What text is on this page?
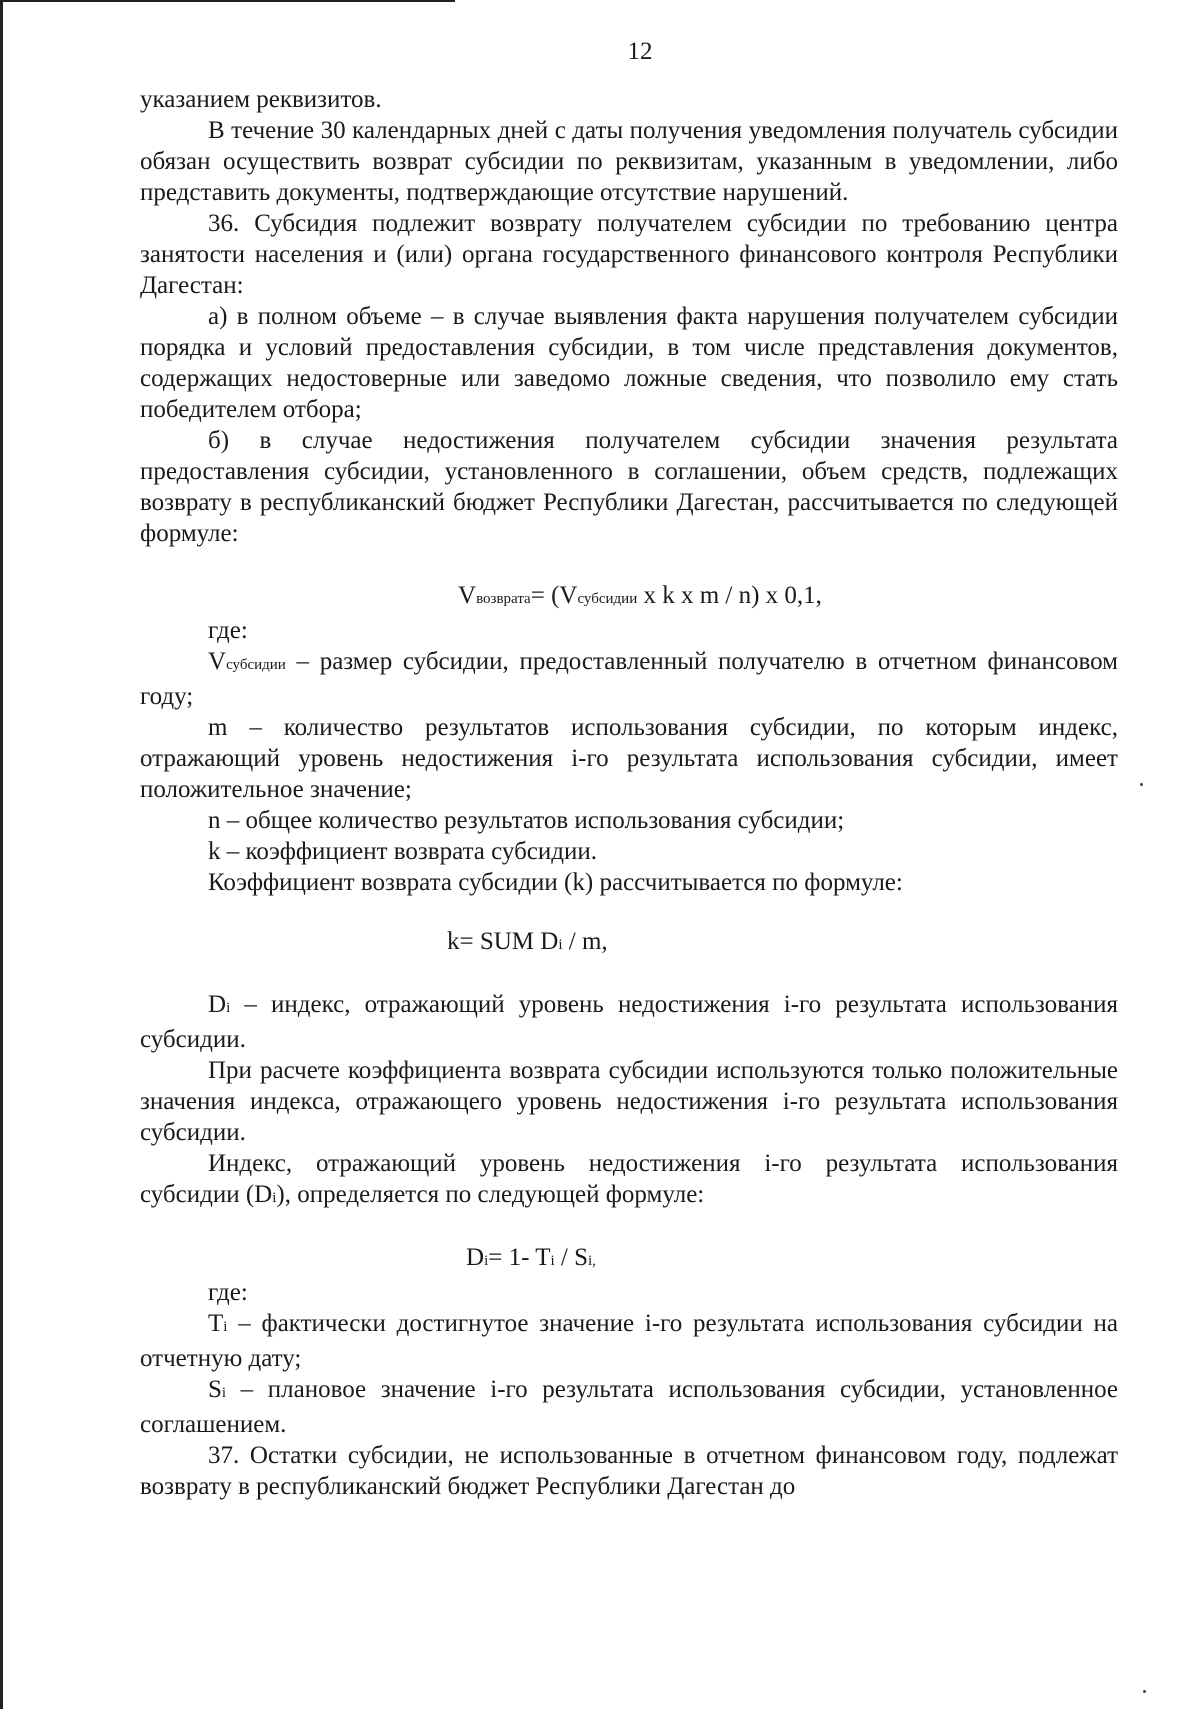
12

указанием реквизитов.

В течение 30 календарных дней с даты получения уведомления получатель субсидии обязан осуществить возврат субсидии по реквизитам, указанным в уведомлении, либо представить документы, подтверждающие отсутствие нарушений.

36. Субсидия подлежит возврату получателем субсидии по требованию центра занятости населения и (или) органа государственного финансового контроля Республики Дагестан:

а) в полном объеме – в случае выявления факта нарушения получателем субсидии порядка и условий предоставления субсидии, в том числе представления документов, содержащих недостоверные или заведомо ложные сведения, что позволило ему стать победителем отбора;

б) в случае недостижения получателем субсидии значения результата предоставления субсидии, установленного в соглашении, объем средств, подлежащих возврату в республиканский бюджет Республики Дагестан, рассчитывается по следующей формуле:

Vвозврата= (Vсубсидии x k x m / n) x 0,1,

где:

Vсубсидии – размер субсидии, предоставленный получателю в отчетном финансовом году;

m – количество результатов использования субсидии, по которым индекс, отражающий уровень недостижения i-го результата использования субсидии, имеет положительное значение;

n – общее количество результатов использования субсидии;

k – коэффициент возврата субсидии.

Коэффициент возврата субсидии (k) рассчитывается по формуле:

k= SUM Di / m,

Di – индекс, отражающий уровень недостижения i-го результата использования субсидии.

При расчете коэффициента возврата субсидии используются только положительные значения индекса, отражающего уровень недостижения i-го результата использования субсидии.

Индекс, отражающий уровень недостижения i-го результата использования субсидии (Di), определяется по следующей формуле:

Di= 1- Ti / Si,

где:

Ti – фактически достигнутое значение i-го результата использования субсидии на отчетную дату;

Si – плановое значение i-го результата использования субсидии, установленное соглашением.

37. Остатки субсидии, не использованные в отчетном финансовом году, подлежат возврату в республиканский бюджет Республики Дагестан до
